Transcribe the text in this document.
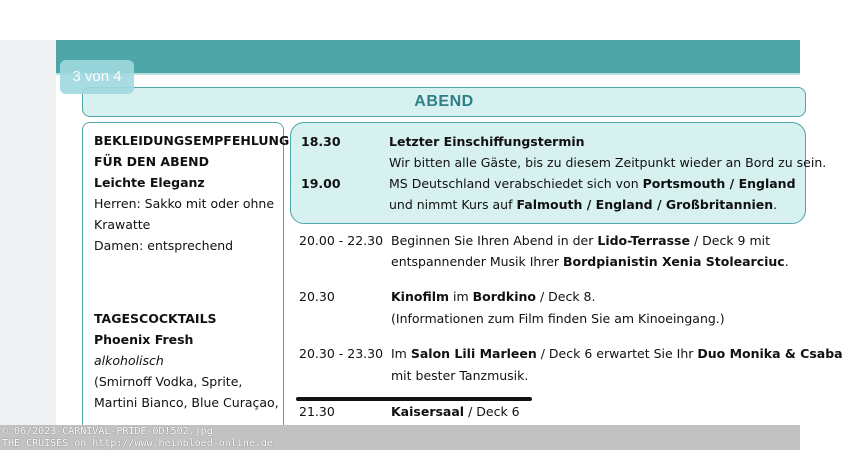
ABEND
BEKLEIDUNGSEMPFEHLUNG
FÜR DEN ABEND
Leichte Eleganz
Herren: Sakko mit oder ohne
Krawatte
Damen: entsprechend
TAGESCOCKTAILS
Phoenix Fresh
alkoholisch
(Smirnoff Vodka, Sprite,
Martini Bianco, Blue Curaçao,
18.30	Letzter Einschiffungstermin
Wir bitten alle Gäste, bis zu diesem Zeitpunkt wieder an Bord zu sein.
19.00	MS Deutschland verabschiedet sich von Portsmouth / England
und nimmt Kurs auf Falmouth / England / Großbritannien.
20.00 - 22.30 Beginnen Sie Ihren Abend in der Lido-Terrasse / Deck 9 mit
entspannender Musik Ihrer Bordpianistin Xenia Stolearciuc.
20.30	Kinofilm im Bordkino / Deck 8.
(Informationen zum Film finden Sie am Kinoeingang.)
20.30 - 23.30 Im Salon Lili Marleen / Deck 6 erwartet Sie Ihr Duo Monika & Csaba
mit bester Tanzmusik.
21.30	Kaisersaal / Deck 6
3 von 4
© 06/2023-CARNIVAL-PRIDE-0D!502.jpg
THE CRUISES on http://www.heinbloed-online.de
